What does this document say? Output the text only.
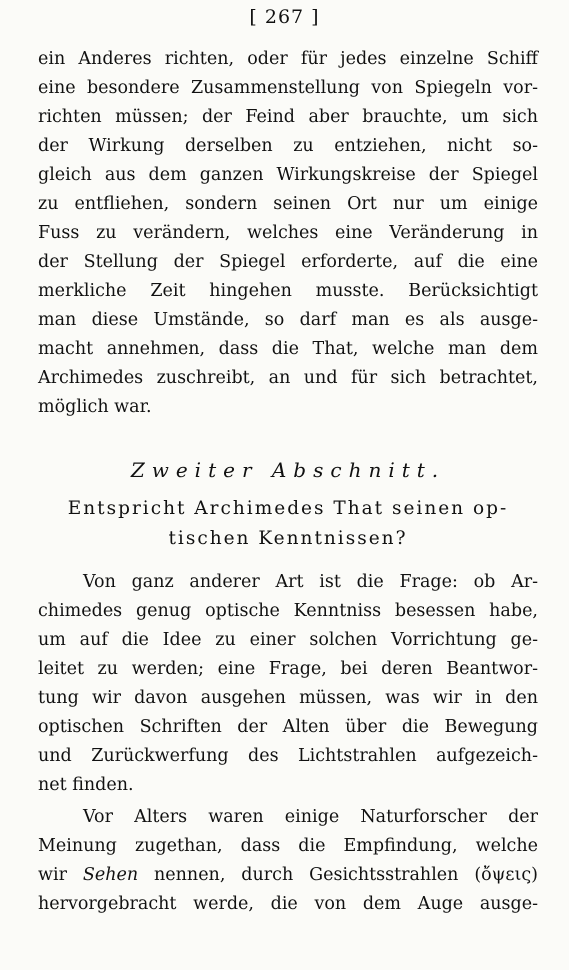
[ 267 ]
ein Anderes richten, oder für jedes einzelne Schiff
eine besondere Zusammenstellung von Spiegeln vor-
richten müssen; der Feind aber brauchte, um sich
der Wirkung derselben zu entziehen, nicht so-
gleich aus dem ganzen Wirkungskreise der Spiegel
zu entfliehen, sondern seinen Ort nur um einige
Fuss zu verändern, welches eine Veränderung in
der Stellung der Spiegel erforderte, auf die eine
merkliche Zeit hingehen musste. Berücksichtigt
man diese Umstände, so darf man es als ausge-
macht annehmen, dass die That, welche man dem
Archimedes zuschreibt, an und für sich betrachtet,
möglich war.
Zweiter Abschnitt.
Entspricht Archimedes That seinen op-
tischen Kenntnissen?
Von ganz anderer Art ist die Frage: ob Ar-
chimedes genug optische Kenntniss besessen habe,
um auf die Idee zu einer solchen Vorrichtung ge-
leitet zu werden; eine Frage, bei deren Beantwor-
tung wir davon ausgehen müssen, was wir in den
optischen Schriften der Alten über die Bewegung
und Zurückwerfung des Lichtstrahlen aufgezeich-
net finden.
Vor Alters waren einige Naturforscher der
Meinung zugethan, dass die Empfindung, welche
wir Sehen nennen, durch Gesichtsstrahlen (ὄψεις)
hervorgebracht werde, die von dem Auge ausge-
